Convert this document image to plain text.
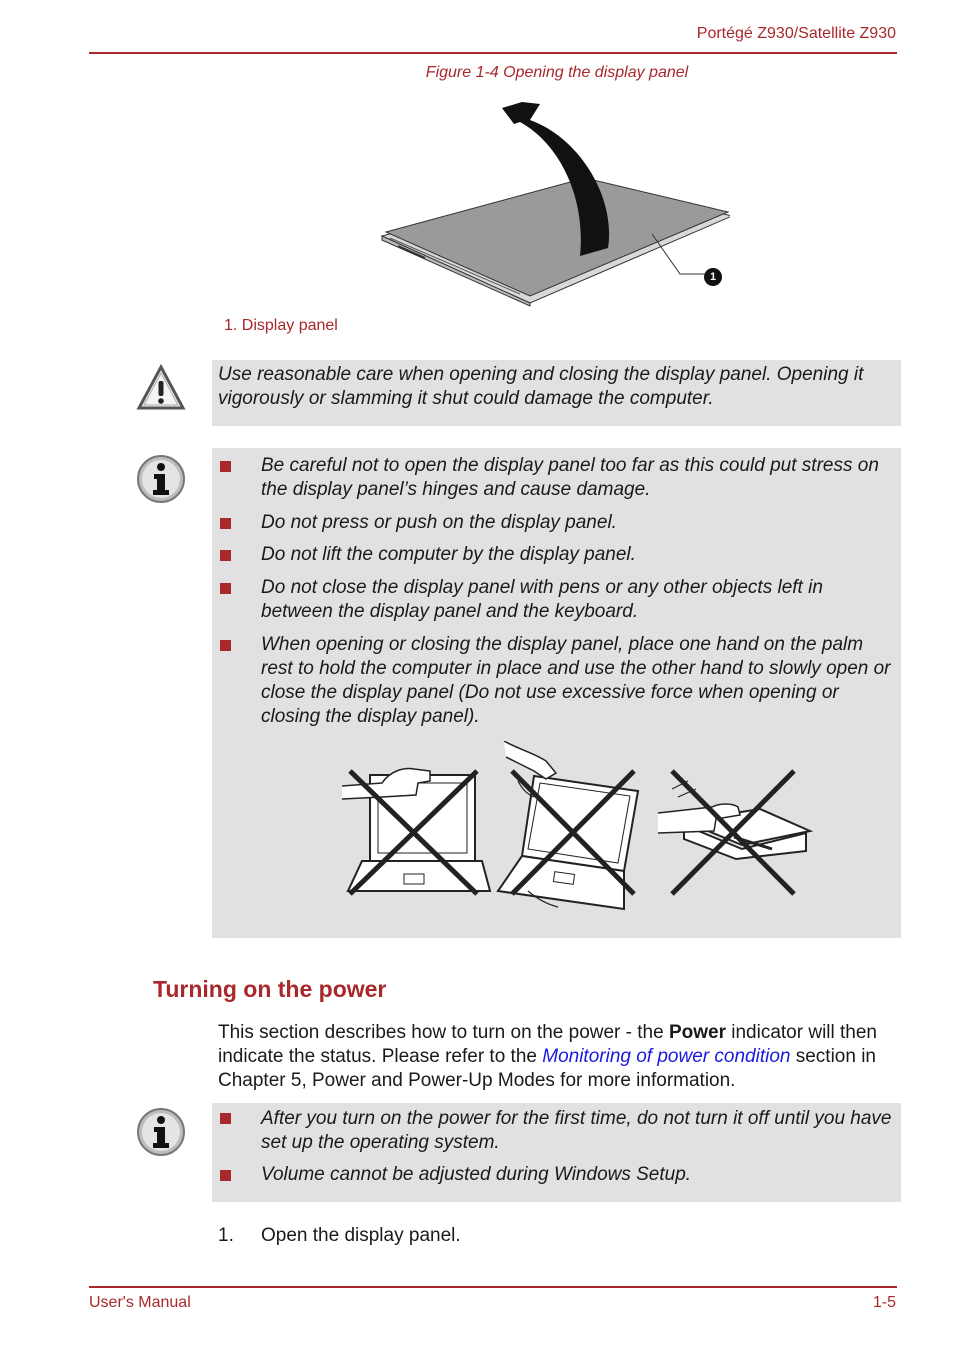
Portégé Z930/Satellite Z930
Figure 1-4 Opening the display panel
1
1. Display panel
Use reasonable care when opening and closing the display panel. Opening it vigorously or slamming it shut could damage the computer.
Be careful not to open the display panel too far as this could put stress on the display panel’s hinges and cause damage.
Do not press or push on the display panel.
Do not lift the computer by the display panel.
Do not close the display panel with pens or any other objects left in between the display panel and the keyboard.
When opening or closing the display panel, place one hand on the palm rest to hold the computer in place and use the other hand to slowly open or close the display panel (Do not use excessive force when opening or closing the display panel).
Turning on the power
This section describes how to turn on the power - the Power indicator will then indicate the status. Please refer to the Monitoring of power condition section in Chapter 5, Power and Power-Up Modes for more information.
After you turn on the power for the first time, do not turn it off until you have set up the operating system.
Volume cannot be adjusted during Windows Setup.
1. Open the display panel.
User's Manual	1-5
